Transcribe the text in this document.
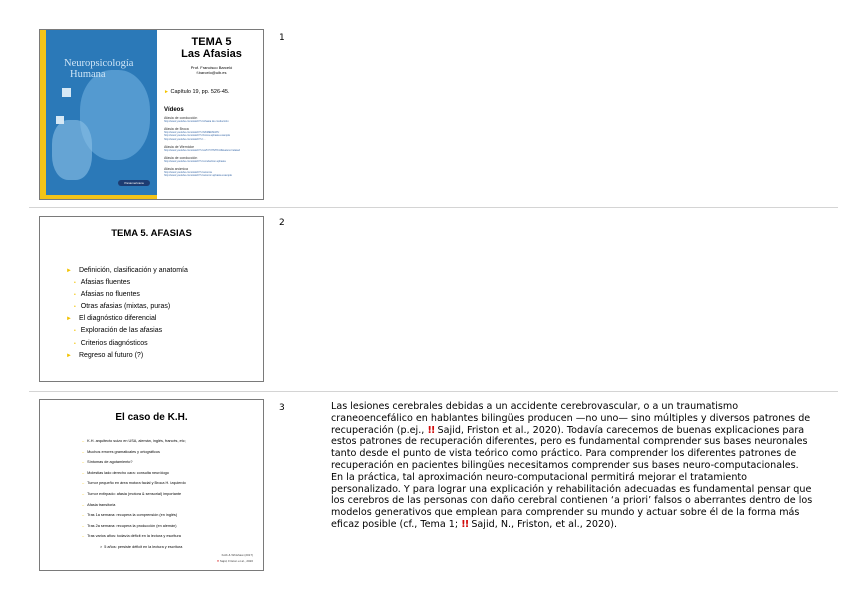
Neuropsicología
Humana
Panamericana
TEMA 5
Las Afasias
Prof. Francisco Barceló
f.barcelo@uib.es
► Capítulo 19, pp. 526-45.
Vídeos
Afasia de conducción
http://www.youtube.com/watch?v=Ahasia de conducción
Afasia de Broca
http://www.youtube.com/watch?v=f2IiMEbMnPU
http://www.youtube.com/watch?v=broca aphasia example
http://www.youtube.com/watch?v=...
Afasia de Wernicke
http://www.youtube.com/watch?v=aVhYN7NTIKU&feature=related
Afasia de conducción
http://www.youtube.com/watch?v=conduction aphasia
Afasia anómica
http://www.youtube.com/watch?v=anomia
http://www.youtube.com/watch?v=anomic aphasia example
1
TEMA 5. AFASIAS
► Definición, clasificación y anatomía
• Afasias fluentes
• Afasias no fluentes
• Otras afasias (mixtas, puras)
► El diagnóstico diferencial
• Exploración de las afasias
• Criterios diagnósticos
► Regreso al futuro (?)
2
El caso de K.H.
– K.H. arquitecto suizo en USA, alemán, inglés, francés, etc;
– Muchos errores gramaticales y ortográficos
– Síntomas de agotamiento?
– Molestias lado derecho cara: consulta neurólogo
– Tumor pequeño en área motora facial y Broca H. izquierdo
– Tumor extirpado: afasia (motora & sensorial) importante
– Afasia transitoria
– Tras 1a semana: recupera la comprensión (en inglés)
– Tras 2a semana: recupera la producción (en alemán)
– Tras varios años: todavía déficit en la lectura y escritura
> 5 años: persiste déficit en la lectura y escritura
Kolb & Whishaw (2017)
!! Sajid, Friston et al., 2020
3	Las lesiones cerebrales debidas a un accidente cerebrovascular, o a un traumatismo craneoencefálico en hablantes bilingües producen —no uno— sino múltiples y diversos patrones de recuperación (p.ej., !! Sajid, Friston et al., 2020). Todavía carecemos de buenas explicaciones para estos patrones de recuperación diferentes, pero es fundamental comprender sus bases neuronales tanto desde el punto de vista teórico como práctico. Para comprender los diferentes patrones de recuperación en pacientes bilingües necesitamos comprender sus bases neuro-computacionales. En la práctica, tal aproximación neuro-computacional permitirá mejorar el tratamiento personalizado. Y para lograr una explicación y rehabilitación adecuadas es fundamental pensar que los cerebros de las personas con daño cerebral contienen ‘a priori’ falsos o aberrantes dentro de los modelos generativos que emplean para comprender su mundo y actuar sobre él de la forma más eficaz posible (cf., Tema 1; !! Sajid, N., Friston, et al., 2020).
